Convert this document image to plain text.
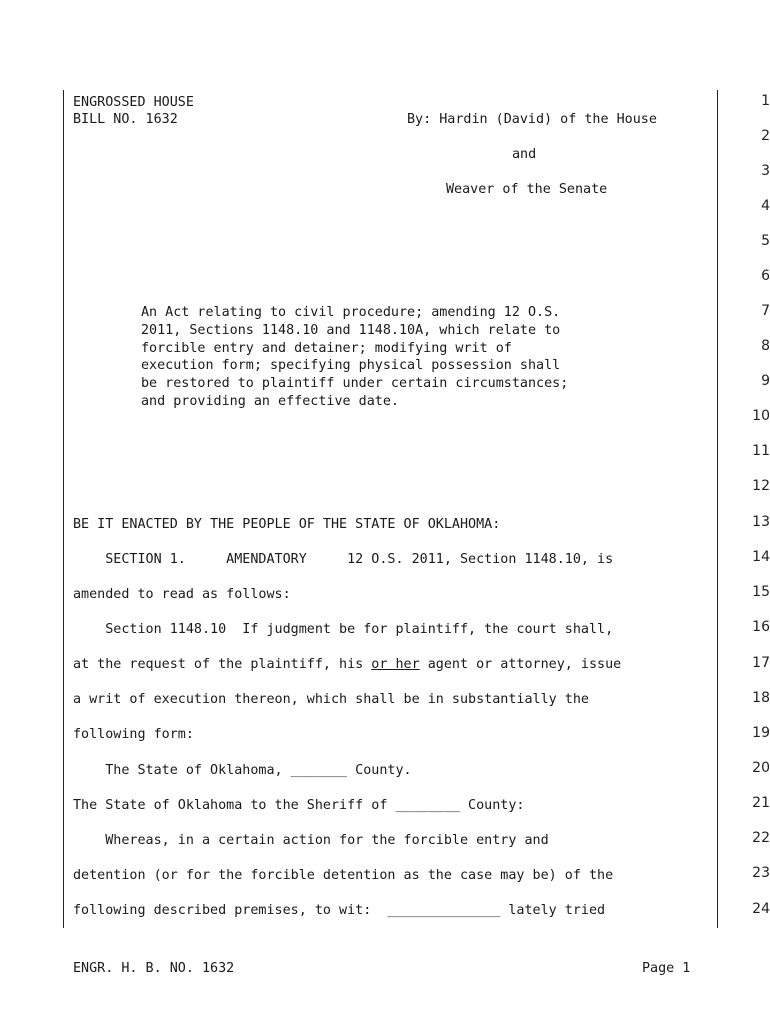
1
2
3
4
5
6
7
8
9
10
11
12
13
14
15
16
17
18
19
20
21
22
23
24
ENGROSSED HOUSE
BILL NO. 1632	By: Hardin (David) of the House
and
Weaver of the Senate
An Act relating to civil procedure; amending 12 O.S.
2011, Sections 1148.10 and 1148.10A, which relate to
forcible entry and detainer; modifying writ of
execution form; specifying physical possession shall
be restored to plaintiff under certain circumstances;
and providing an effective date.
BE IT ENACTED BY THE PEOPLE OF THE STATE OF OKLAHOMA:
SECTION 1.     AMENDATORY     12 O.S. 2011, Section 1148.10, is
amended to read as follows:
Section 1148.10  If judgment be for plaintiff, the court shall,
at the request of the plaintiff, his or her agent or attorney, issue
a writ of execution thereon, which shall be in substantially the
following form:
The State of Oklahoma, _______ County.
The State of Oklahoma to the Sheriff of ________ County:
Whereas, in a certain action for the forcible entry and
detention (or for the forcible detention as the case may be) of the
following described premises, to wit:  ______________ lately tried
ENGR. H. B. NO. 1632	Page 1
